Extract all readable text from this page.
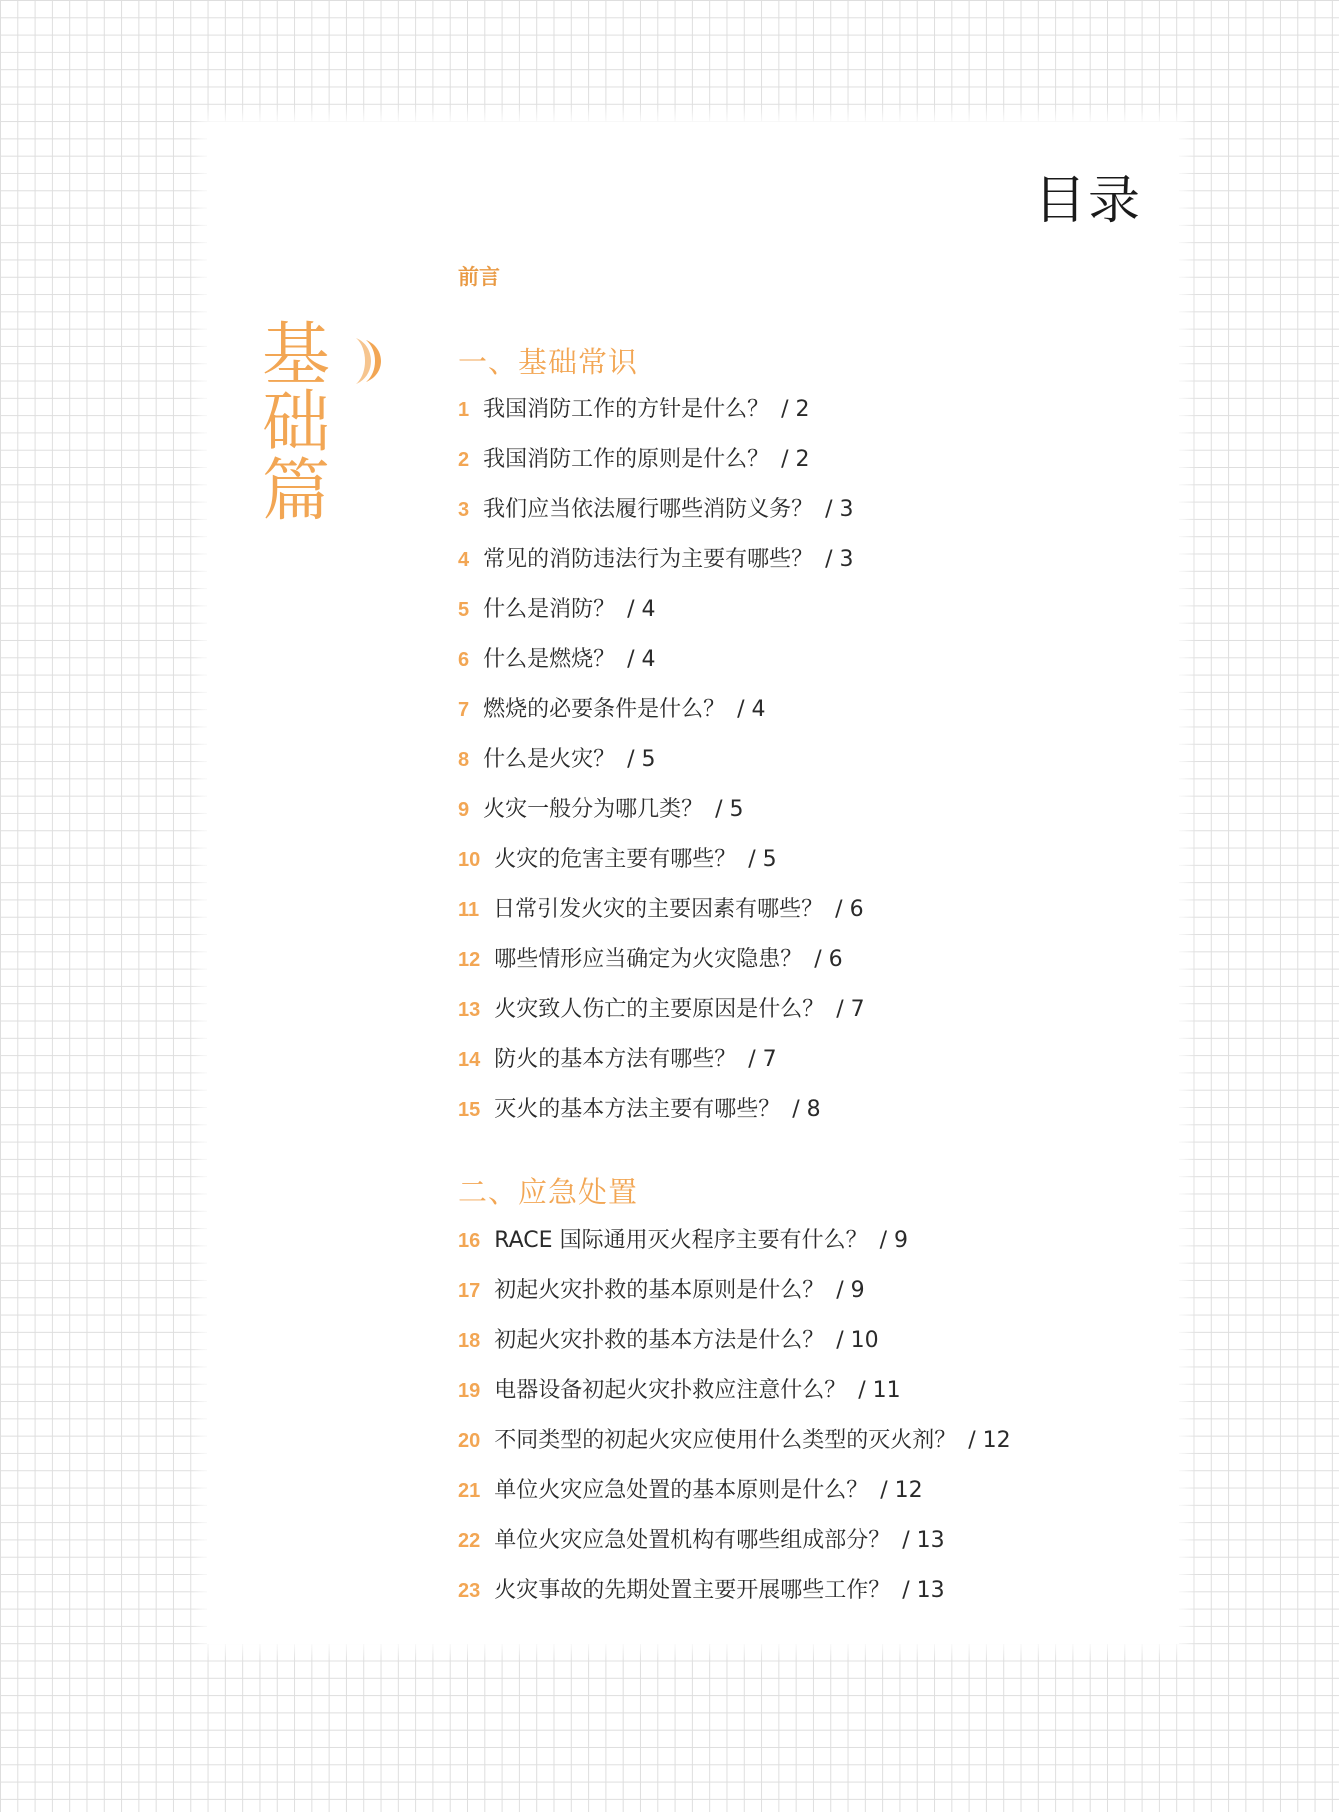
目录
基
础
篇
前言
一、基础常识
1 我国消防工作的方针是什么？ / 2
2 我国消防工作的原则是什么？ / 2
3 我们应当依法履行哪些消防义务？ / 3
4 常见的消防违法行为主要有哪些？ / 3
5 什么是消防？ / 4
6 什么是燃烧？ / 4
7 燃烧的必要条件是什么？ / 4
8 什么是火灾？ / 5
9 火灾一般分为哪几类？ / 5
10 火灾的危害主要有哪些？ / 5
11 日常引发火灾的主要因素有哪些？ / 6
12 哪些情形应当确定为火灾隐患？ / 6
13 火灾致人伤亡的主要原因是什么？ / 7
14 防火的基本方法有哪些？ / 7
15 灭火的基本方法主要有哪些？ / 8
二、应急处置
16 RACE 国际通用灭火程序主要有什么？ / 9
17 初起火灾扑救的基本原则是什么？ / 9
18 初起火灾扑救的基本方法是什么？ / 10
19 电器设备初起火灾扑救应注意什么？ / 11
20 不同类型的初起火灾应使用什么类型的灭火剂？ / 12
21 单位火灾应急处置的基本原则是什么？ / 12
22 单位火灾应急处置机构有哪些组成部分？ / 13
23 火灾事故的先期处置主要开展哪些工作？ / 13
